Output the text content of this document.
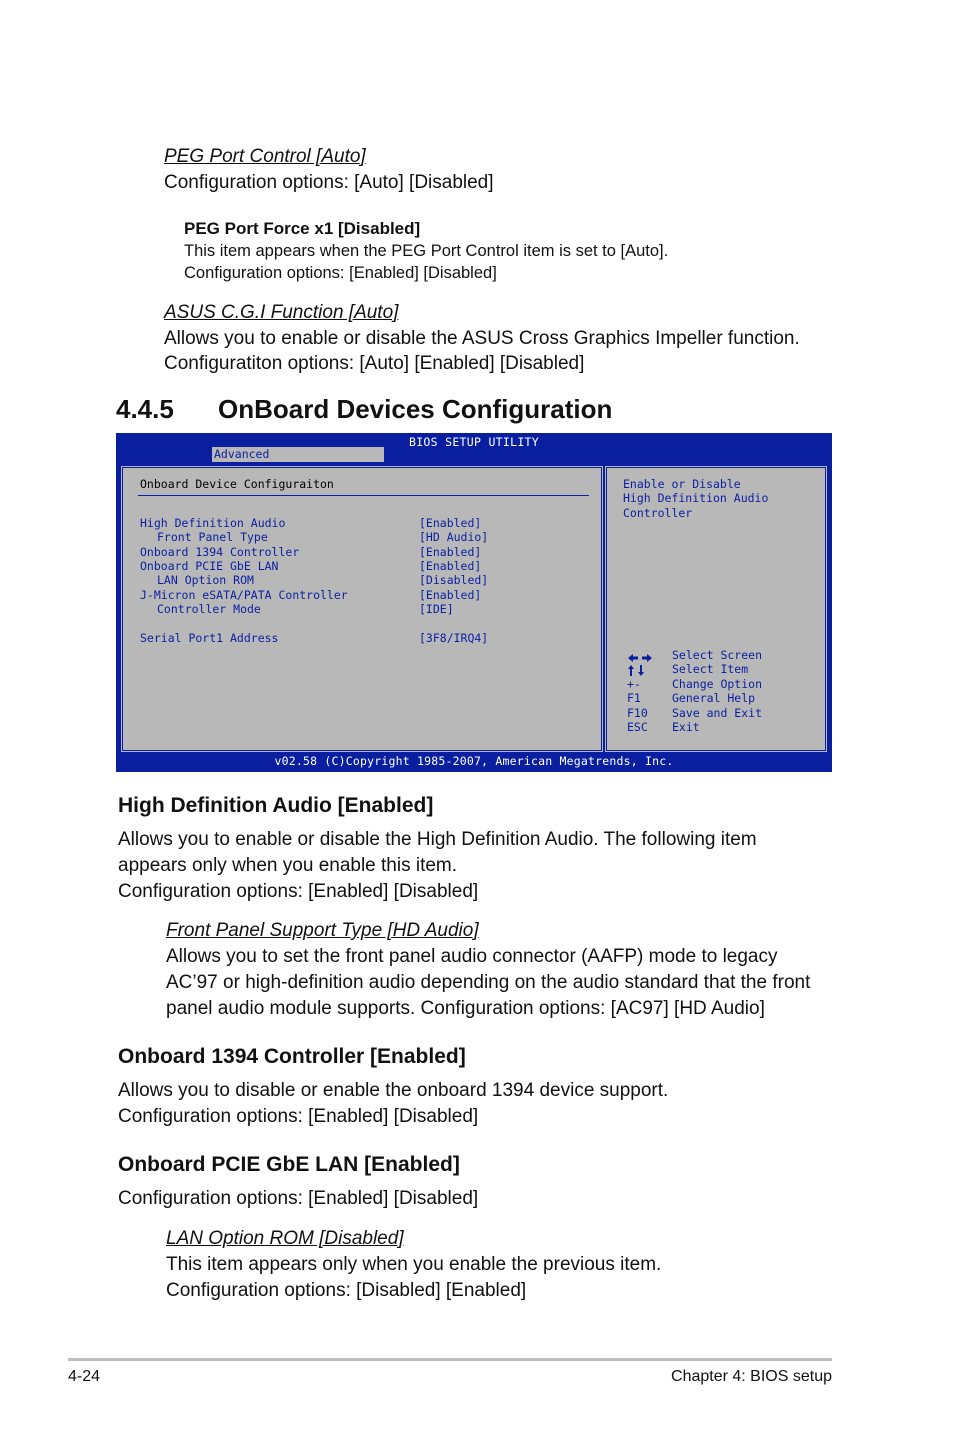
PEG Port Control [Auto]
Configuration options: [Auto] [Disabled]
PEG Port Force x1 [Disabled]
This item appears when the PEG Port Control item is set to [Auto].
Configuration options: [Enabled] [Disabled]
ASUS C.G.I Function [Auto]
Allows you to enable or disable the ASUS Cross Graphics Impeller function.
Configuratiton options: [Auto] [Enabled] [Disabled]
4.4.5 OnBoard Devices Configuration
BIOS SETUP UTILITY
Advanced
Onboard Device Configuraiton
High Definition Audio	[Enabled]
Front Panel Type	[HD Audio]
Onboard 1394 Controller	[Enabled]
Onboard PCIE GbE LAN	[Enabled]
LAN Option ROM	[Disabled]
J-Micron eSATA/PATA Controller	[Enabled]
Controller Mode	[IDE]
Serial Port1 Address	[3F8/IRQ4]
Enable or Disable
High Definition Audio
Controller
Select Screen
Select Item
+-	Change Option
F1	General Help
F10 Save and Exit
ESC Exit
v02.58 (C)Copyright 1985-2007, American Megatrends, Inc.
High Definition Audio [Enabled]
Allows you to enable or disable the High Definition Audio. The following item
appears only when you enable this item.
Configuration options: [Enabled] [Disabled]
Front Panel Support Type [HD Audio]
Allows you to set the front panel audio connector (AAFP) mode to legacy
AC’97 or high-definition audio depending on the audio standard that the front
panel audio module supports. Configuration options: [AC97] [HD Audio]
Onboard 1394 Controller [Enabled]
Allows you to disable or enable the onboard 1394 device support.
Configuration options: [Enabled] [Disabled]
Onboard PCIE GbE LAN [Enabled]
Configuration options: [Enabled] [Disabled]
LAN Option ROM [Disabled]
This item appears only when you enable the previous item.
Configuration options: [Disabled] [Enabled]
4-24	Chapter 4: BIOS setup
